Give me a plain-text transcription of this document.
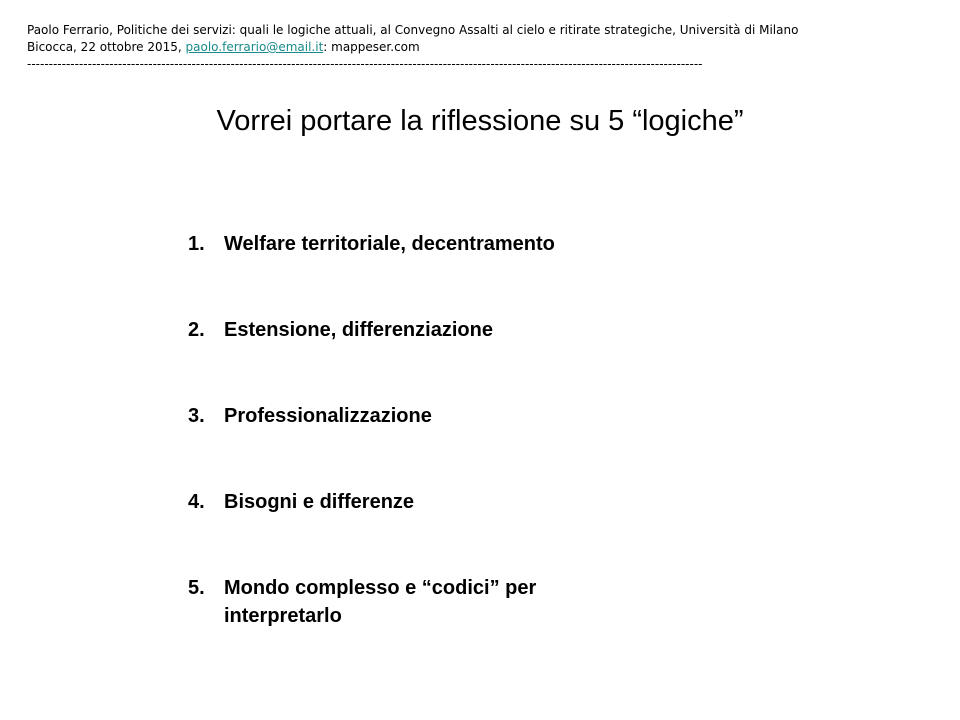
Paolo Ferrario, Politiche dei servizi: quali le logiche attuali, al Convegno Assalti al cielo e ritirate strategiche, Università di Milano
Bicocca, 22 ottobre 2015, paolo.ferrario@email.it: mappeser.com
------------------------------------------------------------------------------------------------------------------------------------------------------------
Vorrei portare la riflessione su 5 “logiche”
1. Welfare territoriale, decentramento
2. Estensione, differenziazione
3. Professionalizzazione
4. Bisogni e differenze
5. Mondo complesso e “codici” per interpretarlo
